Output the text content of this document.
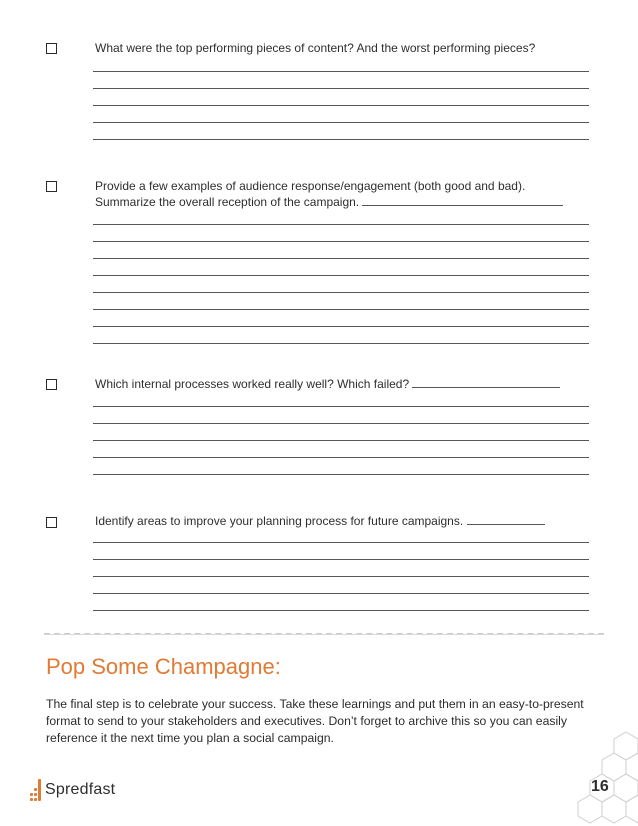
What were the top performing pieces of content? And the worst performing pieces?
Provide a few examples of audience response/engagement (both good and bad).
Summarize the overall reception of the campaign.
Which internal processes worked really well? Which failed?
Identify areas to improve your planning process for future campaigns.
Pop Some Champagne:
The final step is to celebrate your success. Take these learnings and put them in an easy-to-present format to send to your stakeholders and executives. Don’t forget to archive this so you can easily reference it the next time you plan a social campaign.
Spredfast	16
